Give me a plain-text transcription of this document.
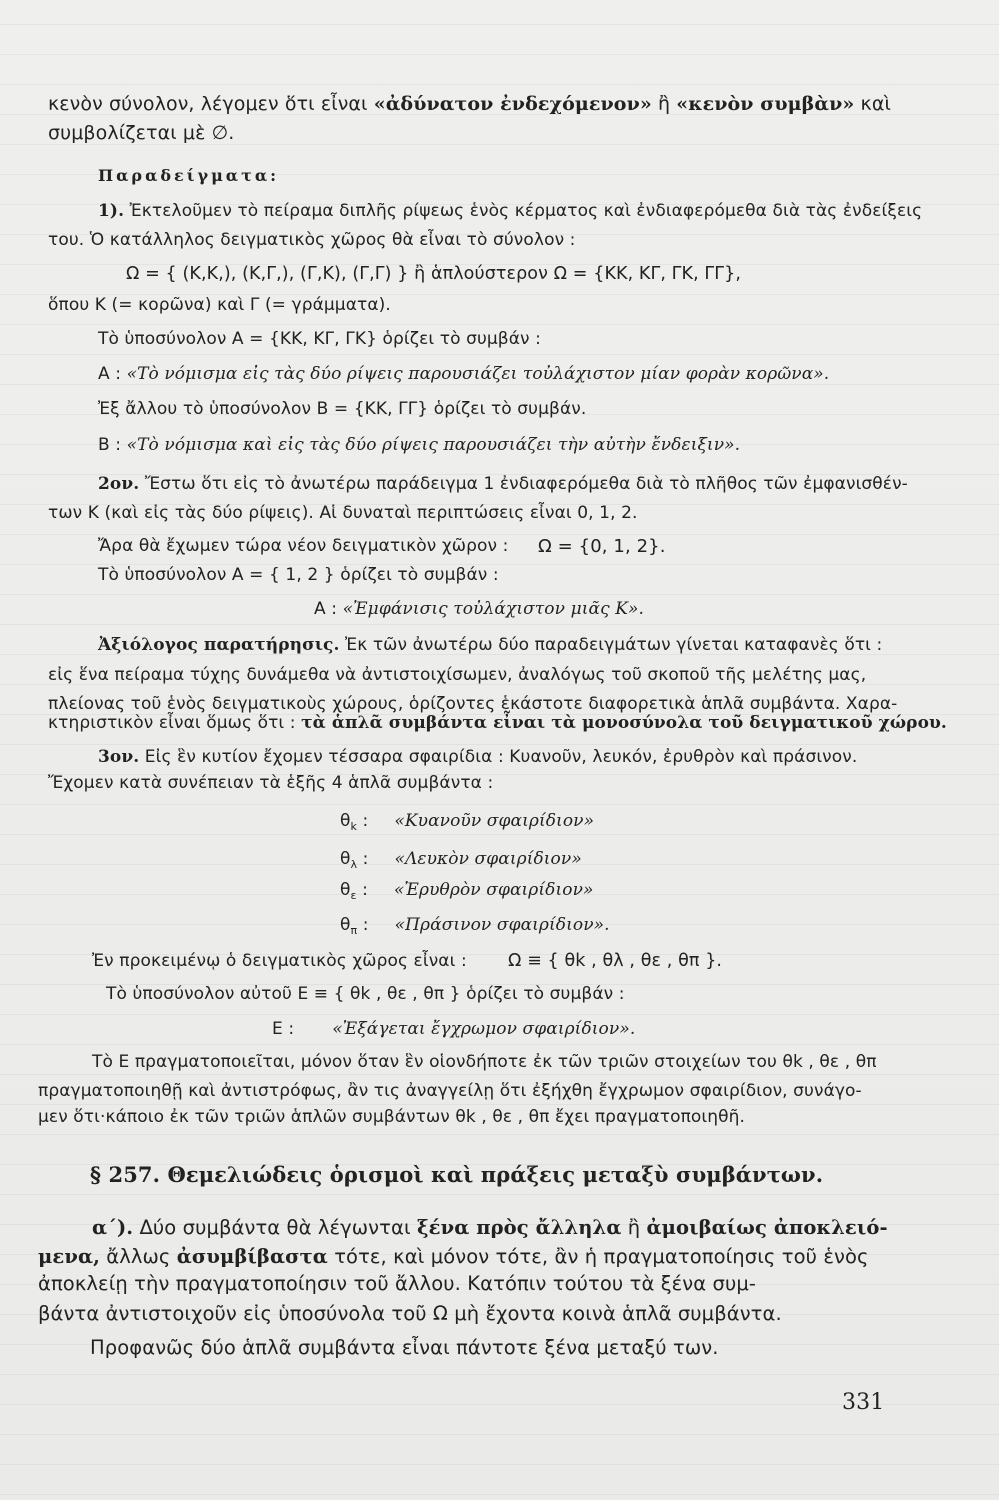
κενὸν σύνολον, λέγομεν ὅτι εἶναι «ἀδύνατον ἐνδεχόμενον» ἢ «κενὸν συμβὰν» καὶ
συμβολίζεται μὲ ∅.
Παραδείγματα:
1). Ἐκτελοῦμεν τὸ πείραμα διπλῆς ρίψεως ἑνὸς κέρματος καὶ ἐνδιαφερόμεθα διὰ τὰς ἐνδείξεις
του. Ὁ κατάλληλος δειγματικὸς χῶρος θὰ εἶναι τὸ σύνολον :
Ω = { (Κ,Κ,), (Κ,Γ,), (Γ,Κ), (Γ,Γ) } ἢ ἁπλούστερον Ω = {ΚΚ, ΚΓ, ΓΚ, ΓΓ},
ὅπου Κ (= κορῶνα) καὶ Γ (= γράμματα).
Τὸ ὑποσύνολον Α = {ΚΚ, ΚΓ, ΓΚ} ὁρίζει τὸ συμβάν :
Α : «Τὸ νόμισμα εἰς τὰς δύο ρίψεις παρουσιάζει τοὐλάχιστον μίαν φορὰν κορῶνα».
Ἐξ ἄλλου τὸ ὑποσύνολον Β = {ΚΚ, ΓΓ} ὁρίζει τὸ συμβάν.
Β : «Τὸ νόμισμα καὶ εἰς τὰς δύο ρίψεις παρουσιάζει τὴν αὐτὴν ἔνδειξιν».
2ον. Ἔστω ὅτι εἰς τὸ ἀνωτέρω παράδειγμα 1 ἐνδιαφερόμεθα διὰ τὸ πλῆθος τῶν ἐμφανισθέν-
των Κ (καὶ εἰς τὰς δύο ρίψεις). Αἱ δυναταὶ περιπτώσεις εἶναι 0, 1, 2.
Ἄρα θὰ ἔχωμεν τώρα νέον δειγματικὸν χῶρον : Ω = {0, 1, 2}.
Τὸ ὑποσύνολον Α = { 1, 2 } ὁρίζει τὸ συμβάν :
Α : «Ἐμφάνισις τοὐλάχιστον μιᾶς Κ».
Ἀξιόλογος παρατήρησις. Ἐκ τῶν ἀνωτέρω δύο παραδειγμάτων γίνεται καταφανὲς ὅτι :
εἰς ἕνα πείραμα τύχης δυνάμεθα νὰ ἀντιστοιχίσωμεν, ἀναλόγως τοῦ σκοποῦ τῆς μελέτης μας,
πλείονας τοῦ ἑνὸς δειγματικοὺς χώρους, ὁρίζοντες ἑκάστοτε διαφορετικὰ ἁπλᾶ συμβάντα. Χαρα-
κτηριστικὸν εἶναι ὅμως ὅτι : τὰ ἁπλᾶ συμβάντα εἶναι τὰ μονοσύνολα τοῦ δειγματικοῦ χώρου.
3ον. Εἰς ἓν κυτίον ἔχομεν τέσσαρα σφαιρίδια : Κυανοῦν, λευκόν, ἐρυθρὸν καὶ πράσινον.
Ἔχομεν κατὰ συνέπειαν τὰ ἑξῆς 4 ἁπλᾶ συμβάντα :
$\theta_k$ : «Κυανοῦν σφαιρίδιον»
$\theta_\lambda$ : «Λευκὸν σφαιρίδιον»
$\theta_\varepsilon$ : «Ἐρυθρὸν σφαιρίδιον»
$\theta_\pi$ : «Πράσινον σφαιρίδιον».
Ἐν προκειμένῳ ὁ δειγματικὸς χῶρος εἶναι : Ω ≡ { θk , θλ , θε , θπ }.
Τὸ ὑποσύνολον αὐτοῦ E ≡ { θk , θε , θπ } ὁρίζει τὸ συμβάν :
E : «Ἐξάγεται ἔγχρωμον σφαιρίδιον».
Τὸ Ε πραγματοποιεῖται, μόνον ὅταν ἓν οἱονδήποτε ἐκ τῶν τριῶν στοιχείων του θk , θε , θπ
πραγματοποιηθῇ καὶ ἀντιστρόφως, ἂν τις ἀναγγείλῃ ὅτι ἐξήχθη ἔγχρωμον σφαιρίδιον, συνάγο-
μεν ὅτι·κάποιο ἐκ τῶν τριῶν ἁπλῶν συμβάντων θk , θε , θπ ἔχει πραγματοποιηθῆ.
§ 257. Θεμελιώδεις ὁρισμοὶ καὶ πράξεις μεταξὺ συμβάντων.
α΄). Δύο συμβάντα θὰ λέγωνται ξένα πρὸς ἄλληλα ἢ ἀμοιβαίως ἀποκλειό-
μενα, ἄλλως ἀσυμβίβαστα τότε, καὶ μόνον τότε, ἂν ἡ πραγματοποίησις τοῦ ἑνὸς
ἀποκλείῃ τὴν πραγματοποίησιν τοῦ ἄλλου. Κατόπιν τούτου τὰ ξένα συμ-
βάντα ἀντιστοιχοῦν εἰς ὑποσύνολα τοῦ Ω μὴ ἔχοντα κοινὰ ἁπλᾶ συμβάντα.
Προφανῶς δύο ἁπλᾶ συμβάντα εἶναι πάντοτε ξένα μεταξύ των.
331
